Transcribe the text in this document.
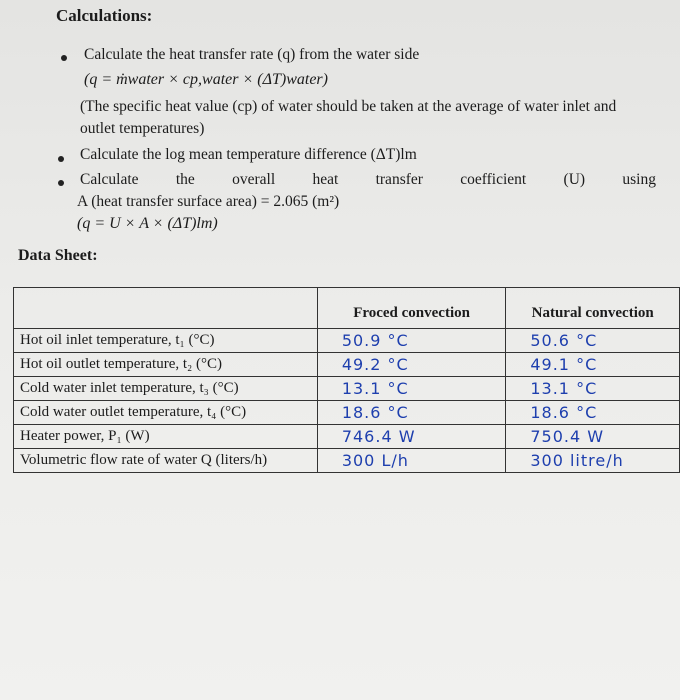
Calculations:
Calculate the heat transfer rate (q) from the water side
(q = ṁwater × cp,water × (ΔT)water)
(The specific heat value (cp) of water should be taken at the average of water inlet and
outlet temperatures)
Calculate the log mean temperature difference (ΔT)lm
Calculate the overall heat transfer coefficient (U) using
A (heat transfer surface area) = 2.065 (m²)
(q = U × A × (ΔT)lm)
Data Sheet:
	Froced convection	Natural convection
Hot oil inlet temperature, t₁ (°C)	50.9 °C	50.6 °C
Hot oil outlet temperature, t₂ (°C)	49.2 °C	49.1 °C
Cold water inlet temperature, t₃ (°C)	13.1 °C	13.1 °C
Cold water outlet temperature, t₄ (°C)	18.6 °C	18.6 °C
Heater power, P₁ (W)	746.4 W	750.4 W
Volumetric flow rate of water Q (liters/h)	300 L/h	300 litre/h
